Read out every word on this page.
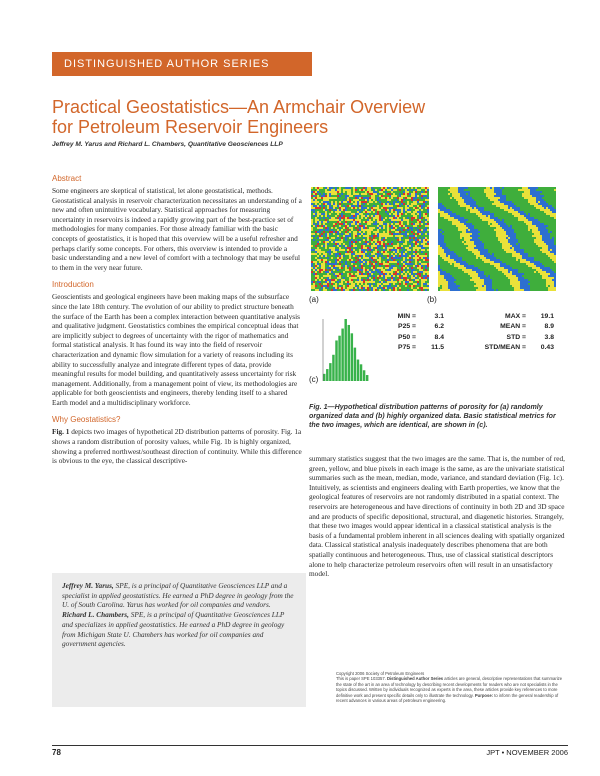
DISTINGUISHED AUTHOR SERIES
Practical Geostatistics—An Armchair Overview
for Petroleum Reservoir Engineers
Jeffrey M. Yarus and Richard L. Chambers, Quantitative Geosciences LLP
Abstract

Some engineers are skeptical of statistical, let alone geostatistical, methods. Geostatistical analysis in reservoir characterization necessitates an understanding of a new and often unintuitive vocabulary. Statistical approaches for measuring uncertainty in reservoirs is indeed a rapidly growing part of the best-practice set of methodologies for many companies. For those already familiar with the basic concepts of geostatistics, it is hoped that this overview will be a useful refresher and perhaps clarify some concepts. For others, this overview is intended to provide a basic understanding and a new level of comfort with a technology that may be useful to them in the very near future.

Introduction

Geoscientists and geological engineers have been making maps of the subsurface since the late 18th century. The evolution of our ability to predict structure beneath the surface of the Earth has been a complex interaction between quantitative analysis and qualitative judgment. Geostatistics combines the empirical conceptual ideas that are implicitly subject to degrees of uncertainty with the rigor of mathematics and formal statistical analysis. It has found its way into the field of reservoir characterization and dynamic flow simulation for a variety of reasons including its ability to successfully analyze and integrate different types of data, provide meaningful results for model building, and quantitatively assess uncertainty for risk management. Additionally, from a management point of view, its methodologies are applicable for both geoscientists and engineers, thereby lending itself to a shared Earth model and a multidisciplinary workforce.

Why Geostatistics?

Fig. 1 depicts two images of hypothetical 2D distribution patterns of porosity. Fig. 1a shows a random distribution of porosity values, while Fig. 1b is highly organized, showing a preferred northwest/southeast direction of continuity. While this difference is obvious to the eye, the classical descriptive-

Jeffrey M. Yarus, SPE, is a principal of Quantitative Geosciences LLP and a specialist in applied geostatistics. He earned a PhD degree in geology from the U. of South Carolina. Yarus has worked for oil companies and vendors. Richard L. Chambers, SPE, is a principal of Quantitative Geosciences LLP and specializes in applied geostatistics. He earned a PhD degree in geology from Michigan State U. Chambers has worked for oil companies and government agencies.
(a)	(b)
(c)
MIN =	3.1
P25 =	6.2
P50 =	8.4
P75 = 11.5
MAX = 19.1
MEAN =	8.9
STD =	3.8
STD/MEAN = 0.43
Fig. 1—Hypothetical distribution patterns of porosity for (a) randomly organized data and (b) highly organized data. Basic statistical metrics for the two images, which are identical, are shown in (c).

summary statistics suggest that the two images are the same. That is, the number of red, green, yellow, and blue pixels in each image is the same, as are the univariate statistical summaries such as the mean, median, mode, variance, and standard deviation (Fig. 1c). Intuitively, as scientists and engineers dealing with Earth properties, we know that the geological features of reservoirs are not randomly distributed in a spatial context. The reservoirs are heterogeneous and have directions of continuity in both 2D and 3D space and are products of specific depositional, structural, and diagenetic histories. Strangely, that these two images would appear identical in a classical statistical analysis is the basis of a fundamental problem inherent in all sciences dealing with spatially organized data. Classical statistical analysis inadequately describes phenomena that are both spatially continuous and heterogeneous. Thus, use of classical statistical descriptors alone to help characterize petroleum reservoirs often will result in an unsatisfactory model.

Copyright 2006 Society of Petroleum Engineers
This is paper SPE 103357. Distinguished Author Series articles are general, descriptive representations that summarize the state of the art in an area of technology by describing recent developments for readers who are not specialists in the topics discussed. Written by individuals recognized as experts in the area, these articles provide key references to more definitive work and present specific details only to illustrate the technology. Purpose: to inform the general readership of recent advances in various areas of petroleum engineering.
78	JPT • NOVEMBER 2006
